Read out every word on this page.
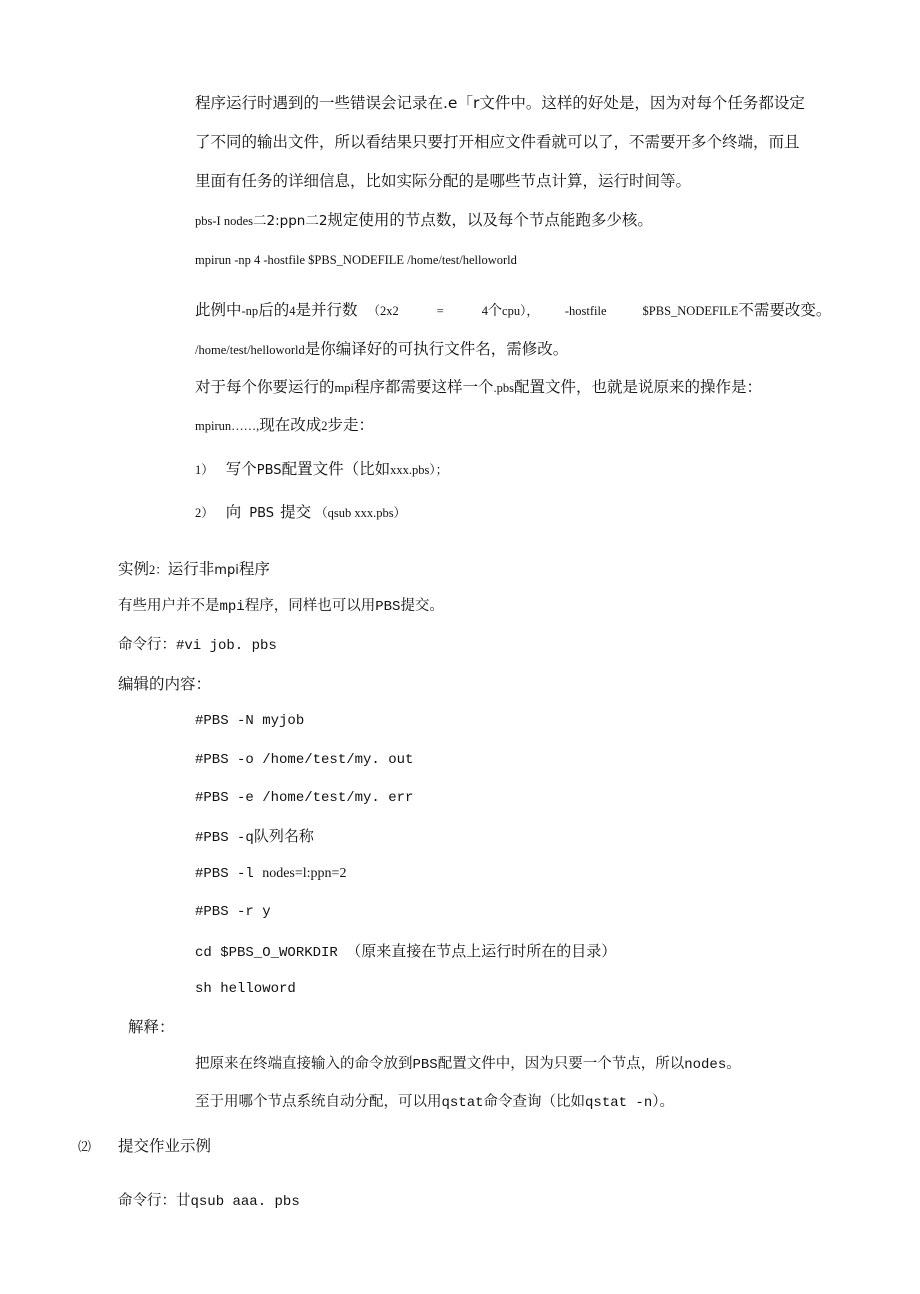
程序运行时遇到的一些错误会记录在.e「r文件中。这样的好处是，因为对每个任务都设定
了不同的输出文件，所以看结果只要打开相应文件看就可以了，不需要开多个终端，而且
里面有任务的详细信息，比如实际分配的是哪些节点计算，运行时间等。
pbs-I nodes二2:ppn二2规定使用的节点数，以及每个节点能跑多少核。
mpirun -np 4 -hostfile $PBS_NODEFILE /home/test/helloworld
此例中-np后的4是并行数 （2x2	=	4个cpu）， -hostfile	$PBS_NODEFILE不需要改变。
/home/test/helloworld是你编译好的可执行文件名，需修改。
对于每个你要运行的mpi程序都需要这样一个.pbs配置文件，也就是说原来的操作是：
mpirun……,现在改成2步走：
1） 写个PBS配置文件（比如xxx.pbs）；
2） 向 PBS 提交 （qsub xxx.pbs）
实例2：运行非mpi程序
有些用户并不是mpi程序，同样也可以用PBS提交。
命令行：#vi job. pbs
编辑的内容：
#PBS -N myjob
#PBS -o /home/test/my. out
#PBS -e /home/test/my. err
#PBS -q队列名称
#PBS -l nodes=l:ppn=2
#PBS -r y
cd $PBS_O_WORKDIR （原来直接在节点上运行时所在的目录）
sh helloword
解释：
把原来在终端直接输入的命令放到PBS配置文件中，因为只要一个节点，所以nodes。
至于用哪个节点系统自动分配，可以用qstat命令查询（比如qstat -n）。
⑵ 提交作业示例
命令行：廿qsub aaa. pbs
